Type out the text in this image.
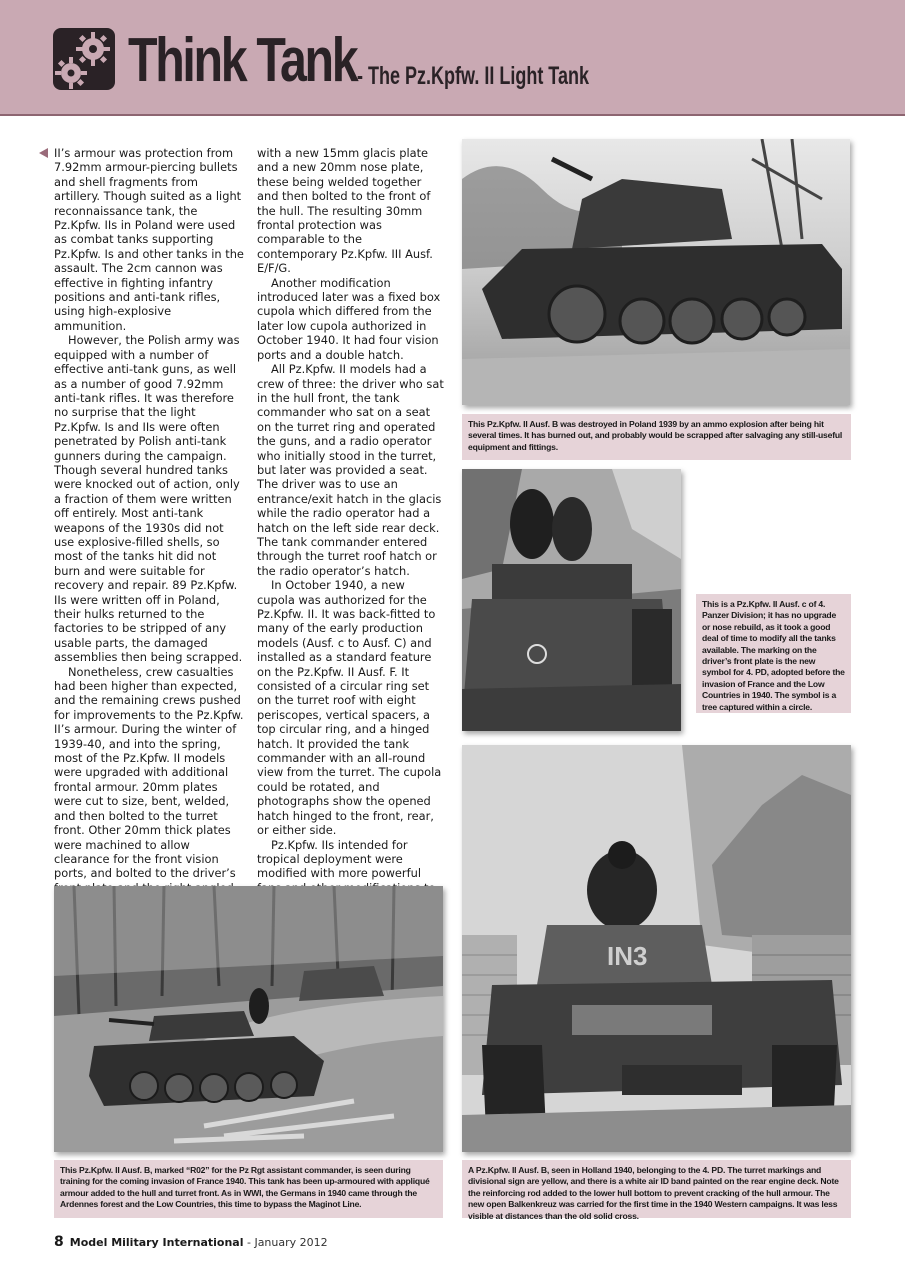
Think Tank - The Pz.Kpfw. II Light Tank

II’s armour was protection from 7.92mm armour-piercing bullets and shell fragments from artillery. Though suited as a light reconnaissance tank, the Pz.Kpfw. IIs in Poland were used as combat tanks supporting Pz.Kpfw. Is and other tanks in the assault. The 2cm cannon was effective in fighting infantry positions and anti-tank rifles, using high-explosive ammunition.

However, the Polish army was equipped with a number of effective anti-tank guns, as well as a number of good 7.92mm anti-tank rifles. It was therefore no surprise that the light Pz.Kpfw. Is and IIs were often penetrated by Polish anti-tank gunners during the campaign. Though several hundred tanks were knocked out of action, only a fraction of them were written off entirely. Most anti-tank weapons of the 1930s did not use explosive-filled shells, so most of the tanks hit did not burn and were suitable for recovery and repair. 89 Pz.Kpfw. IIs were written off in Poland, their hulks returned to the factories to be stripped of any usable parts, the damaged assemblies then being scrapped.

Nonetheless, crew casualties had been higher than expected, and the remaining crews pushed for improvements to the Pz.Kpfw. II’s armour. During the winter of 1939-40, and into the spring, most of the Pz.Kpfw. II models were upgraded with additional frontal armour. 20mm plates were cut to size, bent, welded, and then bolted to the turret front. Other 20mm thick plates were machined to allow clearance for the front vision ports, and bolted to the driver’s

with a new 15mm glacis plate and a new 20mm nose plate, these being welded together and then bolted to the front of the hull. The resulting 30mm frontal protection was comparable to the contemporary Pz.Kpfw. III Ausf. E/F/G.

Another modification introduced later was a fixed box cupola which differed from the later low cupola authorized in October 1940. It had four vision ports and a double hatch.

All Pz.Kpfw. II models had a crew of three: the driver who sat in the hull front, the tank commander who sat on a seat on the turret ring and operated the guns, and a radio operator who initially stood in the turret, but later was provided a seat. The driver was to use an entrance/exit hatch in the glacis while the radio operator had a hatch on the left side rear deck. The tank commander entered through the turret roof hatch or the radio operator’s hatch.

In October 1940, a new cupola was authorized for the Pz.Kpfw. II. It was back-fitted to many of the early production models (Ausf. c to Ausf. C) and installed as a standard feature on the Pz.Kpfw. II Ausf. F. It consisted of a circular ring set on the turret roof with eight periscopes, vertical spacers, a top circular ring, and a hinged hatch. It provided the tank commander with an all-round view from the turret. The cupola could be rotated, and photographs show the opened hatch hinged to the front, rear, or either side.

Pz.Kpfw. IIs intended for tropical deployment were modified with more powerful

This Pz.Kpfw. II Ausf. B was destroyed in Poland 1939 by an ammo explosion after being hit several times. It has burned out, and probably would be scrapped after salvaging any still-useful equipment and fittings.
This is a Pz.Kpfw. II Ausf. c of 4. Panzer Division; it has no upgrade or nose rebuild, as it took a good deal of time to modify all the tanks available. The marking on the driver’s front plate is the new symbol for 4. PD, adopted before the invasion of France and the Low Countries in 1940. The symbol is a tree captured within a circle.
This Pz.Kpfw. II Ausf. B, marked “R02” for the Pz Rgt assistant commander, is seen during training for the coming invasion of France 1940. This tank has been up-armoured with appliqué armour added to the hull and turret front. As in WWI, the Germans in 1940 came through the Ardennes forest and the Low Countries, this time to bypass the Maginot Line.
IN3
A Pz.Kpfw. II Ausf. B, seen in Holland 1940, belonging to the 4. PD. The turret markings and divisional sign are yellow, and there is a white air ID band painted on the rear engine deck. Note the reinforcing rod added to the lower hull bottom to prevent cracking of the hull armour. The new open Balkenkreuz was carried for the first time in the 1940 Western campaigns. It was less visible at distances than the old solid cross.
8 Model Military International - January 2012
